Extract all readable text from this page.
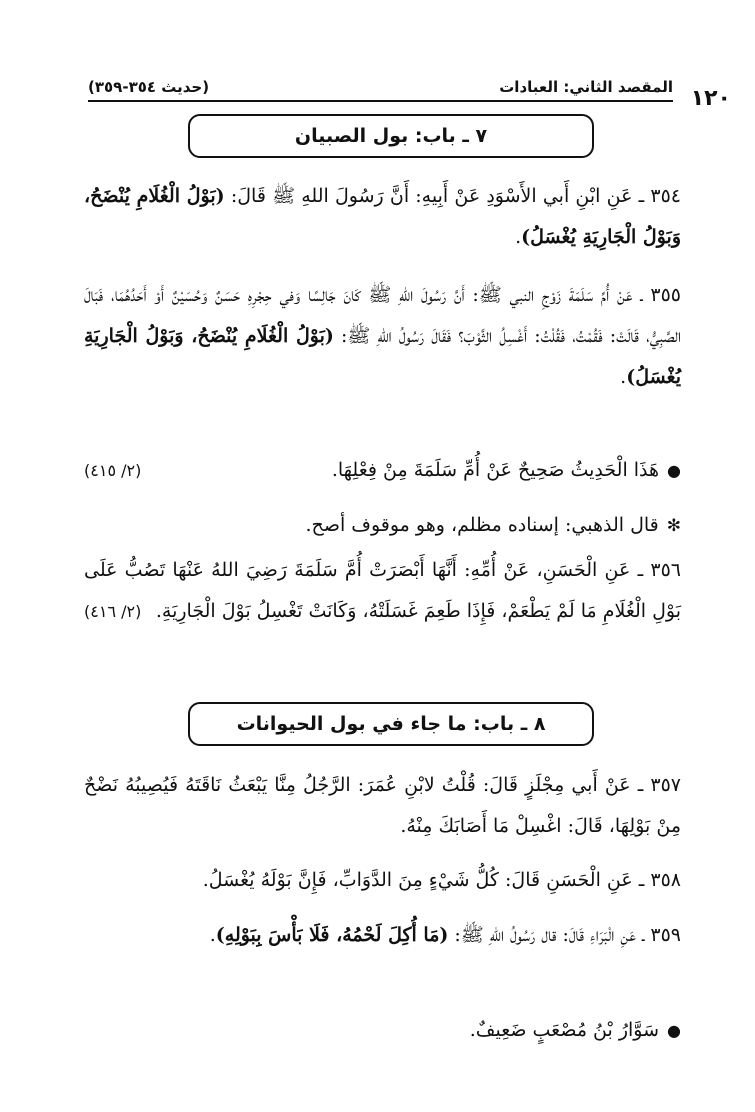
المقصد الثاني: العبادات
(حديث ٣٥٤-٣٥٩)	١٢٠
٧ ـ باب: بول الصبيان
٣٥٤ ـ عَنِ ابْنِ أَبي الأَسْوَدِ عَنْ أَبِيهِ: أَنَّ رَسُولَ اللهِ ﷺ قَالَ: (بَوْلُ الْغُلَامِ يُنْضَحُ، وَبَوْلُ الْجَارِيَةِ يُغْسَلُ).
٣٥٥ ـ عَنْ أُمِّ سَلَمَةَ زَوْجِ النبي ﷺ: أَنَّ رَسُولَ اللهِ ﷺ كَانَ جَالِسًا وَفي حِجْرِهِ حَسَنٌ وَحُسَيْنٌ أَوْ أَحَدُهُمَا، فَبَالَ الصَّبِيُّ، قَالَتْ: فَقُمْتُ، فَقُلْتُ: أَغْسِلُ الثَّوْبَ؟ فَقَالَ رَسُولُ اللهِ ﷺ: (بَوْلُ الْغُلَامِ يُنْضَحُ، وَبَوْلُ الْجَارِيَةِ يُغْسَلُ).
●هَذَا الْحَدِيثُ صَحِيحٌ عَنْ أُمِّ سَلَمَةَ مِنْ فِعْلِهَا.
(٢/ ٤١٥)
✻قال الذهبي: إسناده مظلم، وهو موقوف أصح.
٣٥٦ ـ عَنِ الْحَسَنِ، عَنْ أُمِّهِ: أَنَّهَا أَبْصَرَتْ أُمَّ سَلَمَةَ رَضِيَ اللهُ عَنْهَا تَصُبُّ عَلَى بَوْلِ الْغُلَامِ مَا لَمْ يَطْعَمْ، فَإِذَا طَعِمَ غَسَلَتْهُ، وَكَانَتْ تَغْسِلُ بَوْلَ الْجَارِيَةِ.
(٢/ ٤١٦)
٨ ـ باب: ما جاء في بول الحيوانات
٣٥٧ ـ عَنْ أَبي مِجْلَزٍ قَالَ: قُلْتُ لابْنِ عُمَرَ: الرَّجُلُ مِنَّا يَبْعَثُ نَاقَتَهُ فَيُصِيبُهُ نَضْحٌ مِنْ بَوْلِهَا، قَالَ: اغْسِلْ مَا أَصَابَكَ مِنْهُ.
٣٥٨ ـ عَنِ الْحَسَنِ قَالَ: كُلُّ شَيْءٍ مِنَ الدَّوَابِّ، فَإِنَّ بَوْلَهُ يُغْسَلُ.
٣٥٩ ـ عَنِ الْبَرَاءِ قَالَ: قال رَسُولُ اللهِ ﷺ: (مَا أُكِلَ لَحْمُهُ، فَلَا بَأْسَ بِبَوْلِهِ).
●سَوَّارُ بْنُ مُصْعَبٍ ضَعِيفٌ.
